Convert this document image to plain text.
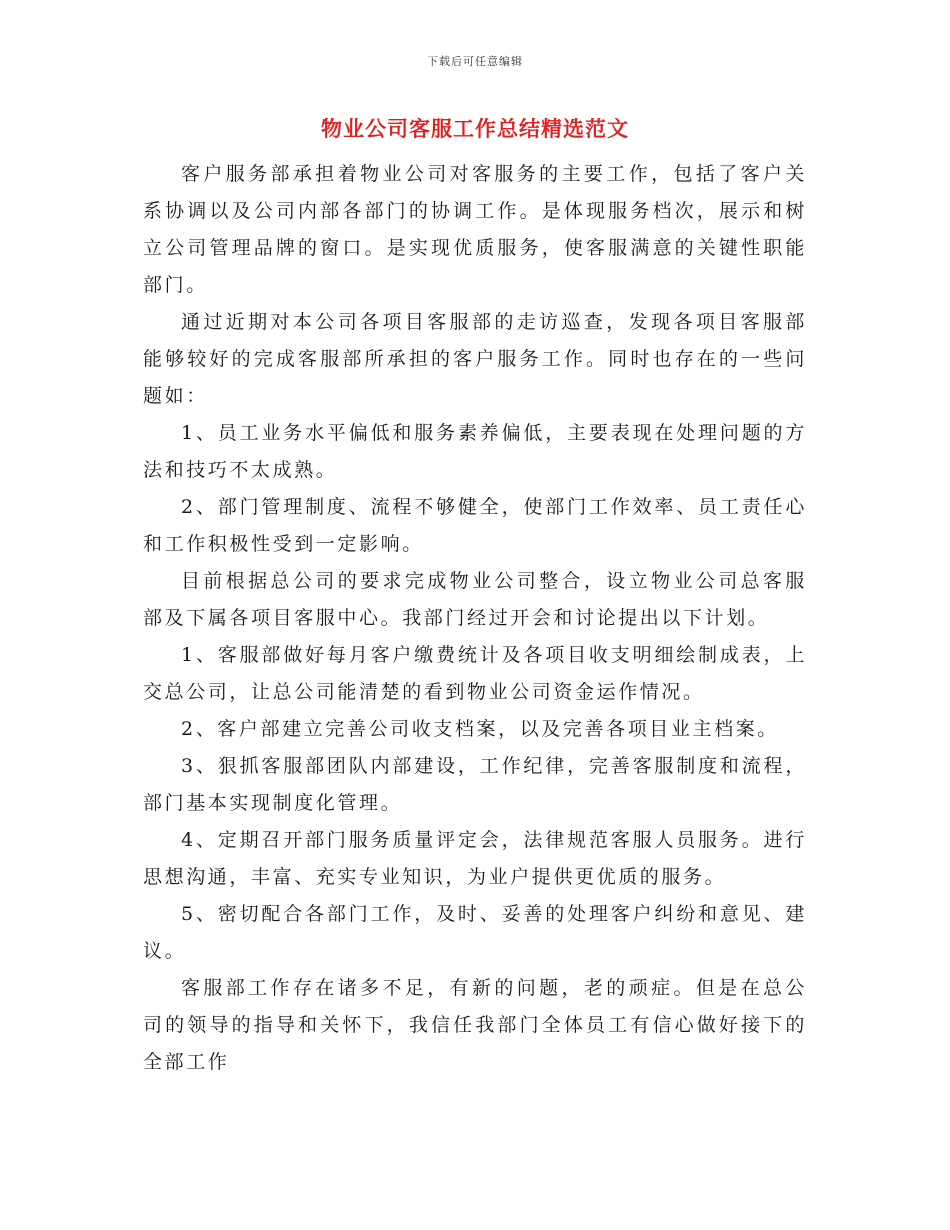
下载后可任意编辑
物业公司客服工作总结精选范文

客户服务部承担着物业公司对客服务的主要工作，包括了客户关系协调以及公司内部各部门的协调工作。是体现服务档次，展示和树立公司管理品牌的窗口。是实现优质服务，使客服满意的关键性职能部门。

通过近期对本公司各项目客服部的走访巡查，发现各项目客服部能够较好的完成客服部所承担的客户服务工作。同时也存在的一些问题如：

1、员工业务水平偏低和服务素养偏低，主要表现在处理问题的方法和技巧不太成熟。

2、部门管理制度、流程不够健全，使部门工作效率、员工责任心和工作积极性受到一定影响。

目前根据总公司的要求完成物业公司整合，设立物业公司总客服部及下属各项目客服中心。我部门经过开会和讨论提出以下计划。

1、客服部做好每月客户缴费统计及各项目收支明细绘制成表，上交总公司，让总公司能清楚的看到物业公司资金运作情况。

2、客户部建立完善公司收支档案，以及完善各项目业主档案。

3、狠抓客服部团队内部建设，工作纪律，完善客服制度和流程，部门基本实现制度化管理。

4、定期召开部门服务质量评定会，法律规范客服人员服务。进行思想沟通，丰富、充实专业知识，为业户提供更优质的服务。

5、密切配合各部门工作，及时、妥善的处理客户纠纷和意见、建议。

客服部工作存在诸多不足，有新的问题，老的顽症。但是在总公司的领导的指导和关怀下，我信任我部门全体员工有信心做好接下的全部工作
